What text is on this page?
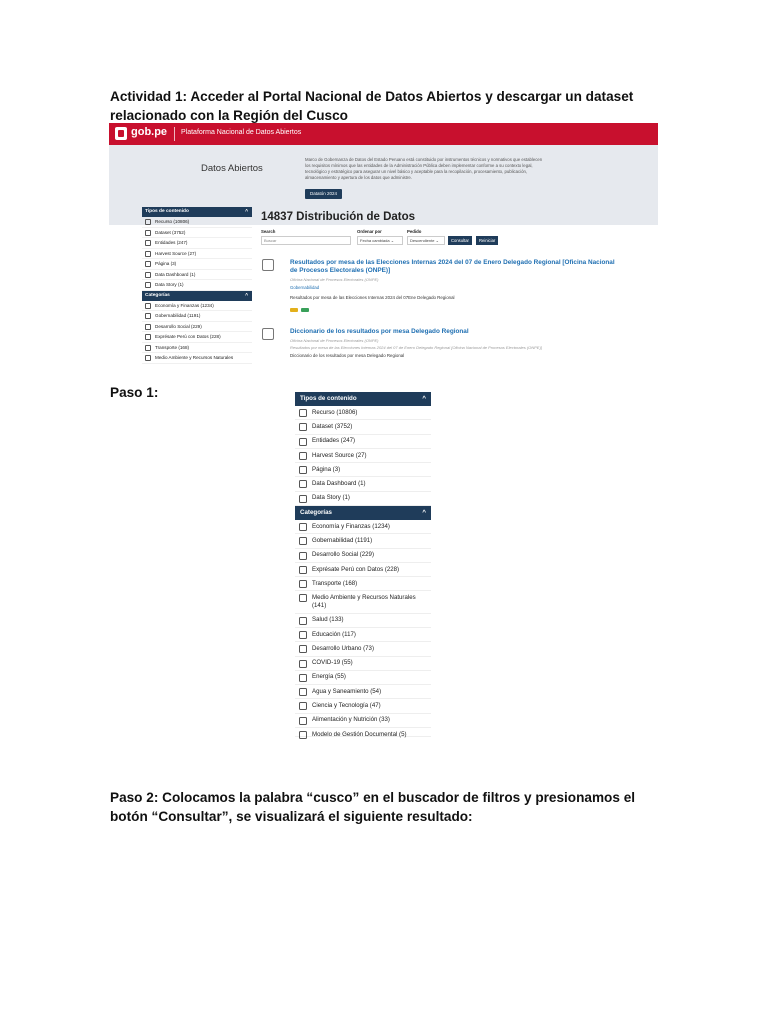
Actividad 1: Acceder al Portal Nacional de Datos Abiertos y descargar un dataset relacionado con la Región del Cusco
gob.pe Plataforma Nacional de Datos Abiertos
Datos Abiertos
Marco de Gobernanza de Datos del Estado Peruano está constituido por instrumentos técnicos y normativos que establecen los requisitos mínimos que las entidades de la Administración Pública deben implementar conforme a su contexto legal, tecnológico y estratégico para asegurar un nivel básico y aceptable para la recopilación, procesamiento, publicación, almacenamiento y apertura de los datos que administre.
Datatón 2024
Tipos de contenido	^
Recurso (10806)
Dataset (3752)
Entidades (247)
Harvest Source (27)
Página (3)
Data Dashboard (1)
Data Story (1)
Categorías	^
Economía y Finanzas (1234)
Gobernabilidad (1191)
Desarrollo Social (229)
Exprésate Perú con Datos (228)
Transporte (168)
Medio Ambiente y Recursos Naturales
14837 Distribución de Datos
Search
Buscar
Ordenar por
Fecha cambiada ⌄
Pedido
Descendiente ⌄	Consultar	Reiniciar
Resultados por mesa de las Elecciones Internas 2024 del 07 de Enero Delegado Regional [Oficina Nacional de Procesos Electorales (ONPE)]
Oficina Nacional de Procesos Electorales (ONPE)
Gobernabilidad
Resultados por mesa de las Elecciones Internas 2024 del 07Ene Delegado Regional
Diccionario de los resultados por mesa Delegado Regional
Oficina Nacional de Procesos Electorales (ONPE)
Resultados por mesa de las Elecciones Internas 2024 del 07 de Enero Delegado Regional [Oficina Nacional de Procesos Electorales (ONPE)]
Diccionario de los resultados por mesa Delegado Regional
Paso 1:	Tipos de contenido	^
Recurso (10806)
Dataset (3752)
Entidades (247)
Harvest Source (27)
Página (3)
Data Dashboard (1)
Data Story (1)
Categorías	^
Economía y Finanzas (1234)
Gobernabilidad (1191)
Desarrollo Social (229)
Exprésate Perú con Datos (228)
Transporte (168)
Medio Ambiente y Recursos Naturales (141)
Salud (133)
Educación (117)
Desarrollo Urbano (73)
COVID-19 (55)
Energía (55)
Agua y Saneamiento (54)
Ciencia y Tecnología (47)
Alimentación y Nutrición (33)
Modelo de Gestión Documental (5)
Paso 2: Colocamos la palabra “cusco” en el buscador de filtros y presionamos el botón “Consultar”, se visualizará el siguiente resultado:
